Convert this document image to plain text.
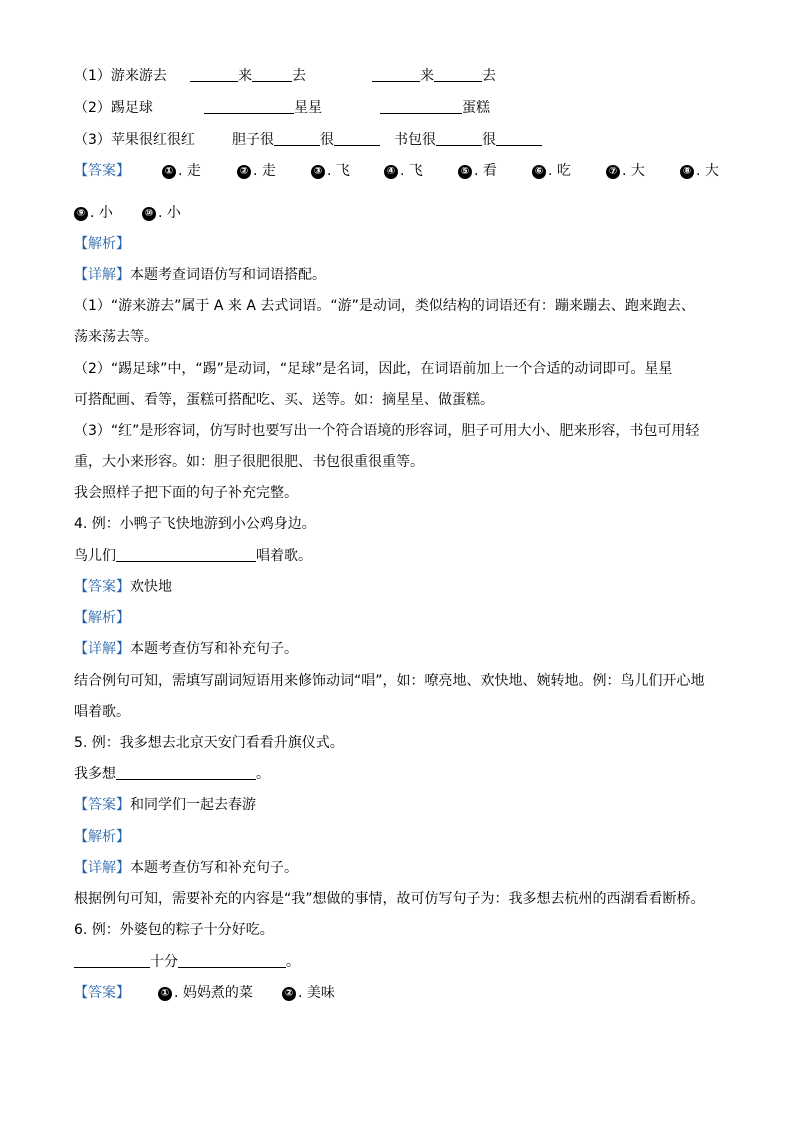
（1）游来游去	来	去	来	去
（2）踢足球	星星	蛋糕
（3）苹果很红很红	胆子很	很	书包很	很
【答案】	① . 走	② . 走	③ . 飞	④ . 飞	⑤ . 看	⑥ . 吃	⑦ . 大	⑧ . 大
⑨ . 小	⑩ . 小
【解析】
【详解】本题考查词语仿写和词语搭配。
（1）“游来游去”属于 A 来 A 去式词语。“游”是动词，类似结构的词语还有：蹦来蹦去、跑来跑去、
荡来荡去等。
（2）“踢足球”中，“踢”是动词，“足球”是名词，因此，在词语前加上一个合适的动词即可。星星
可搭配画、看等，蛋糕可搭配吃、买、送等。如：摘星星、做蛋糕。
（3）“红”是形容词，仿写时也要写出一个符合语境的形容词，胆子可用大小、肥来形容，书包可用轻
重，大小来形容。如：胆子很肥很肥、书包很重很重等。
我会照样子把下面的句子补充完整。
4. 例：小鸭子飞快地游到小公鸡身边。
鸟儿们	唱着歌。
【答案】欢快地
【解析】
【详解】本题考查仿写和补充句子。
结合例句可知，需填写副词短语用来修饰动词“唱”，如：嘹亮地、欢快地、婉转地。例：鸟儿们开心地
唱着歌。
5. 例：我多想去北京天安门看看升旗仪式。
我多想	。
【答案】和同学们一起去春游
【解析】
【详解】本题考查仿写和补充句子。
根据例句可知，需要补充的内容是“我”想做的事情，故可仿写句子为：我多想去杭州的西湖看看断桥。
6. 例：外婆包的粽子十分好吃。
十分	。
【答案】	① . 妈妈煮的菜	② . 美味
